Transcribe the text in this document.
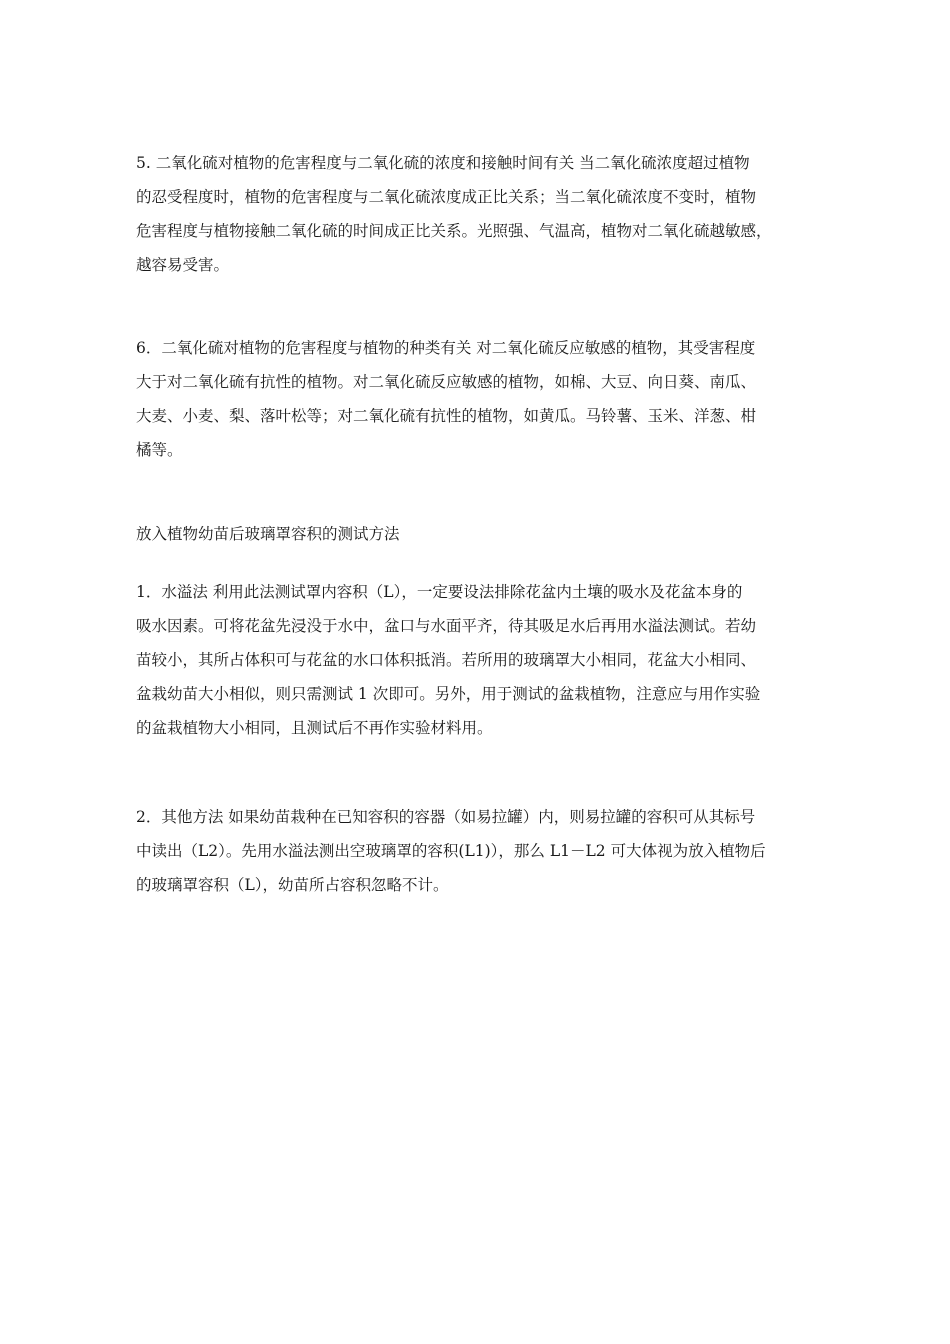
5. 二氧化硫对植物的危害程度与二氧化硫的浓度和接触时间有关 当二氧化硫浓度超过植物
的忍受程度时，植物的危害程度与二氧化硫浓度成正比关系；当二氧化硫浓度不变时，植物
危害程度与植物接触二氧化硫的时间成正比关系。光照强、气温高，植物对二氧化硫越敏感，
越容易受害。
6．二氧化硫对植物的危害程度与植物的种类有关 对二氧化硫反应敏感的植物，其受害程度
大于对二氧化硫有抗性的植物。对二氧化硫反应敏感的植物，如棉、大豆、向日葵、南瓜、
大麦、小麦、梨、落叶松等；对二氧化硫有抗性的植物，如黄瓜。马铃薯、玉米、洋葱、柑
橘等。
放入植物幼苗后玻璃罩容积的测试方法
1．水溢法 利用此法测试罩内容积（L），一定要设法排除花盆内土壤的吸水及花盆本身的
吸水因素。可将花盆先浸没于水中，盆口与水面平齐，待其吸足水后再用水溢法测试。若幼
苗较小，其所占体积可与花盆的水口体积抵消。若所用的玻璃罩大小相同，花盆大小相同、
盆栽幼苗大小相似，则只需测试 1 次即可。另外，用于测试的盆栽植物，注意应与用作实验
的盆栽植物大小相同，且测试后不再作实验材料用。
2．其他方法 如果幼苗栽种在已知容积的容器（如易拉罐）内，则易拉罐的容积可从其标号
中读出（L2）。先用水溢法测出空玻璃罩的容积(L1)），那么 L1－L2 可大体视为放入植物后
的玻璃罩容积（L），幼苗所占容积忽略不计。
